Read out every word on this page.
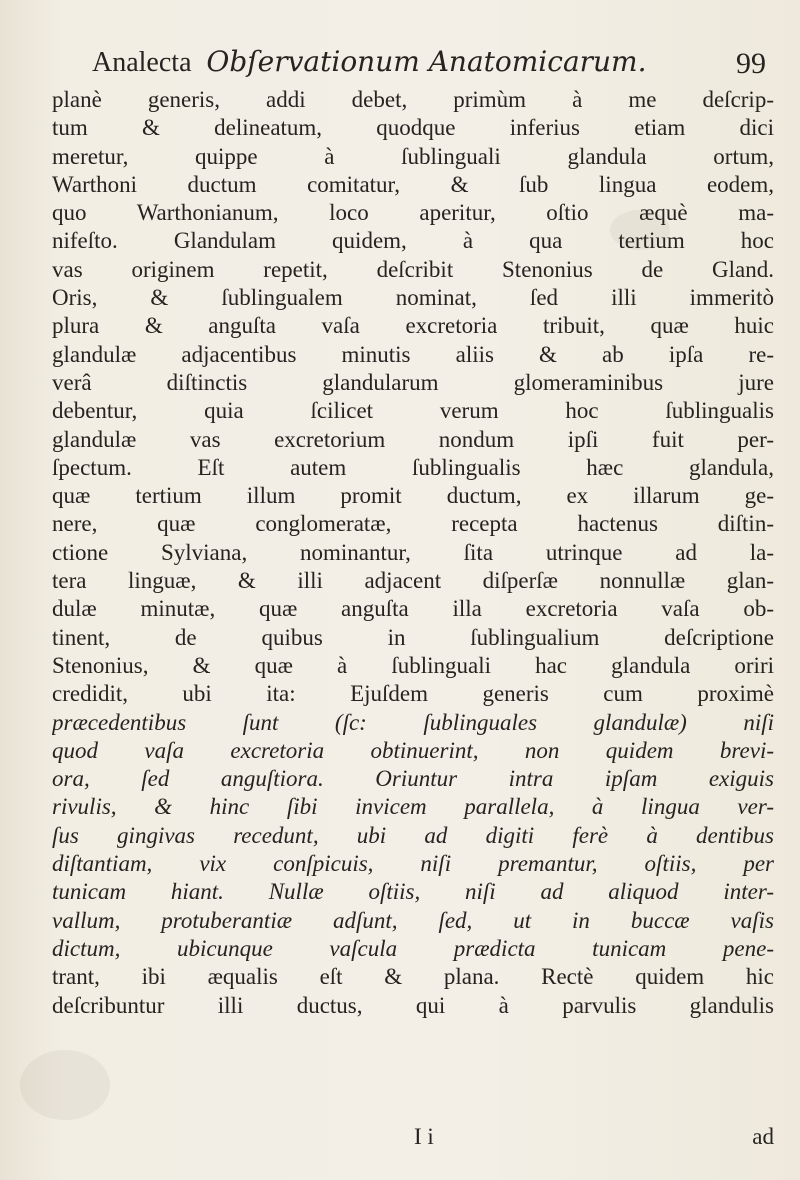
Analecta Obſervationum Anatomicarum.	99
planè generis, addi debet, primùm à me deſcrip-
tum & delineatum, quodque inferius etiam dici
meretur, quippe à ſublinguali glandula ortum,
Warthoni ductum comitatur, & ſub lingua eodem,
quo Warthonianum, loco aperitur, oſtio æquè ma-
nifeſto. Glandulam quidem, à qua tertium hoc
vas originem repetit, deſcribit Stenonius de Gland.
Oris, & ſublingualem nominat, ſed illi immeritò
plura & anguſta vaſa excretoria tribuit, quæ huic
glandulæ adjacentibus minutis aliis & ab ipſa re-
verâ diſtinctis glandularum glomeraminibus jure
debentur, quia ſcilicet verum hoc ſublingualis
glandulæ vas excretorium nondum ipſi fuit per-
ſpectum. Eſt autem ſublingualis hæc glandula,
quæ tertium illum promit ductum, ex illarum ge-
nere, quæ conglomeratæ, recepta hactenus diſtin-
ctione Sylviana, nominantur, ſita utrinque ad la-
tera linguæ, & illi adjacent diſperſæ nonnullæ glan-
dulæ minutæ, quæ anguſta illa excretoria vaſa ob-
tinent, de quibus in ſublingualium deſcriptione
Stenonius, & quæ à ſublinguali hac glandula oriri
credidit, ubi ita: Ejuſdem generis cum proximè
præcedentibus ſunt (ſc: ſublinguales glandulæ) niſi
quod vaſa excretoria obtinuerint, non quidem brevi-
ora, ſed anguſtiora. Oriuntur intra ipſam exiguis
rivulis, & hinc ſibi invicem parallela, à lingua ver-
ſus gingivas recedunt, ubi ad digiti ferè à dentibus
diſtantiam, vix conſpicuis, niſi premantur, oſtiis, per
tunicam hiant. Nullæ oſtiis, niſi ad aliquod inter-
vallum, protuberantiæ adſunt, ſed, ut in buccæ vaſis
dictum, ubicunque vaſcula prædicta tunicam pene-
trant, ibi æqualis eſt & plana. Rectè quidem hic
deſcribuntur illi ductus, qui à parvulis glandulis
I i	ad
